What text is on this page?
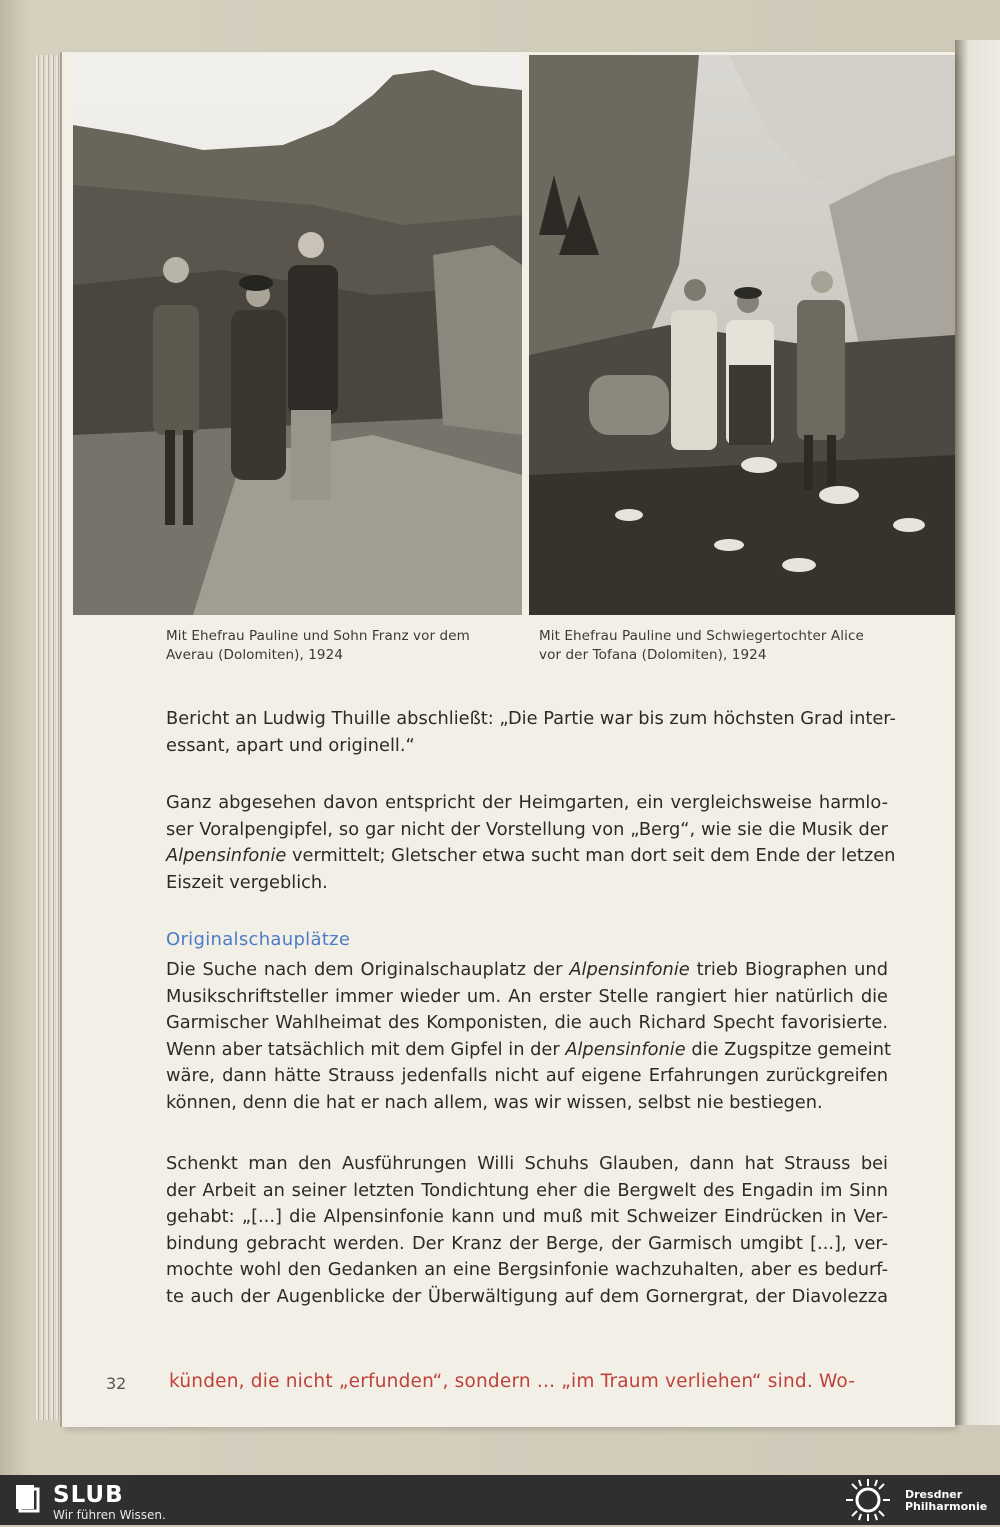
Mit Ehefrau Pauline und Sohn Franz vor dem
Averau (Dolomiten), 1924
Mit Ehefrau Pauline und Schwiegertochter Alice
vor der Tofana (Dolomiten), 1924
Bericht an Ludwig Thuille abschließt: „Die Partie war bis zum höchsten Grad inter-
essant, apart und originell.“
Ganz abgesehen davon entspricht der Heimgarten, ein vergleichsweise harmlo-
ser Voralpengipfel, so gar nicht der Vorstellung von „Berg“, wie sie die Musik der
Alpensinfonie vermittelt; Gletscher etwa sucht man dort seit dem Ende der letzen
Eiszeit vergeblich.
Originalschauplätze
Die Suche nach dem Originalschauplatz der Alpensinfonie trieb Biographen und
Musikschriftsteller immer wieder um. An erster Stelle rangiert hier natürlich die
Garmischer Wahlheimat des Komponisten, die auch Richard Specht favorisierte.
Wenn aber tatsächlich mit dem Gipfel in der Alpensinfonie die Zugspitze gemeint
wäre, dann hätte Strauss jedenfalls nicht auf eigene Erfahrungen zurückgreifen
können, denn die hat er nach allem, was wir wissen, selbst nie bestiegen.
Schenkt man den Ausführungen Willi Schuhs Glauben, dann hat Strauss bei
der Arbeit an seiner letzten Tondichtung eher die Bergwelt des Engadin im Sinn
gehabt: „[...] die Alpensinfonie kann und muß mit Schweizer Eindrücken in Ver-
bindung gebracht werden. Der Kranz der Berge, der Garmisch umgibt [...], ver-
mochte wohl den Gedanken an eine Bergsinfonie wachzuhalten, aber es bedurf-
te auch der Augenblicke der Überwältigung auf dem Gornergrat, der Diavolezza
32 künden, die nicht „erfunden“, sondern ... „im Traum verliehen“ sind. Wo-
SLUB
Wir führen Wissen.
Dresdner
Philharmonie
